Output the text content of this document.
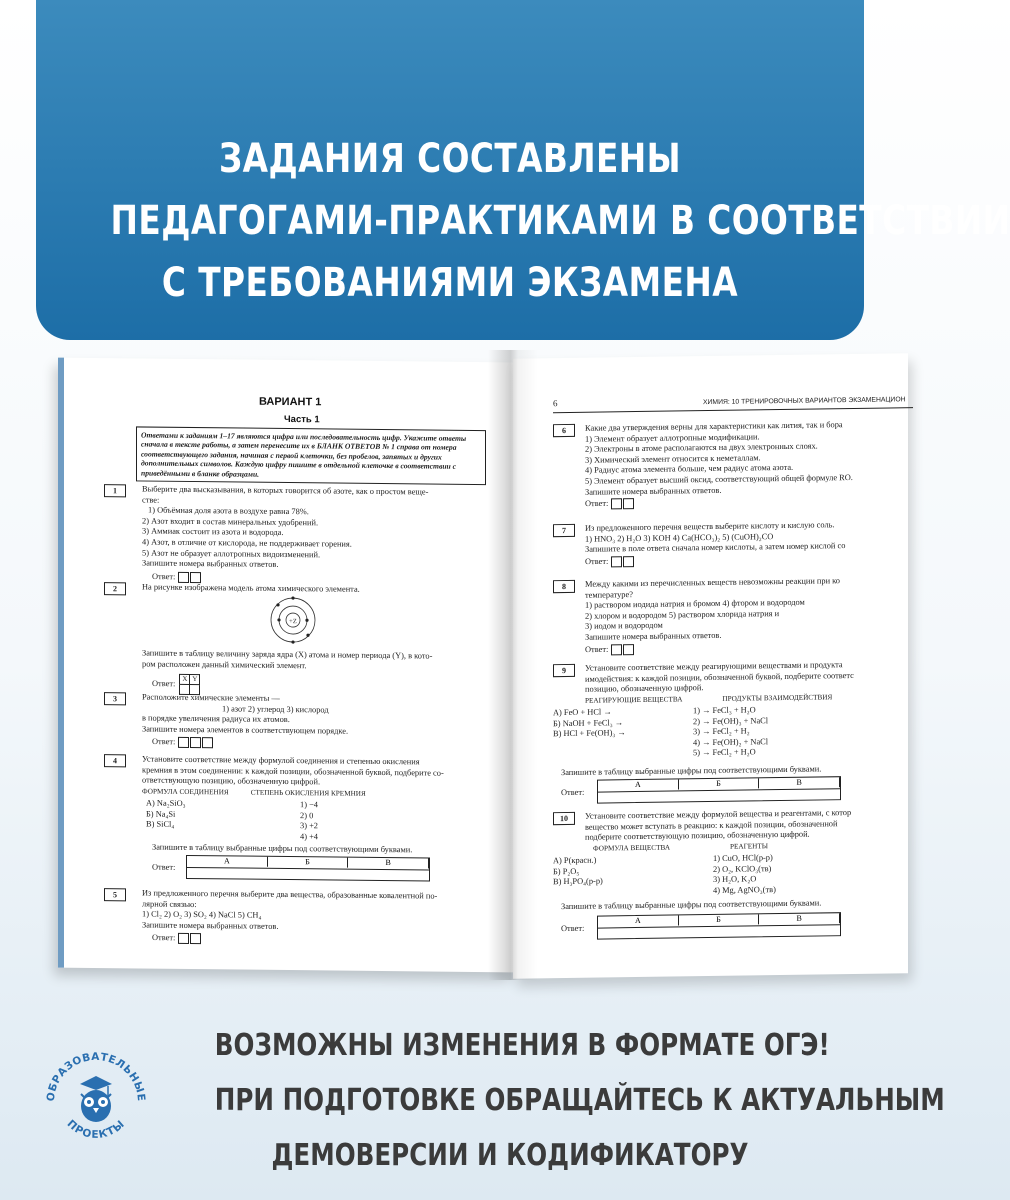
ЗАДАНИЯ СОСТАВЛЕНЫ
ПЕДАГОГАМИ-ПРАКТИКАМИ В СООТВЕТСТВИИ
С ТРЕБОВАНИЯМИ ЭКЗАМЕНА
ВАРИАНТ 1
Часть 1
Ответами к заданиям 1–17 являются цифра или последовательность цифр. Укажите ответы сначала в тексте работы, а затем перенесите их в БЛАНК ОТВЕТОВ № 1 справа от номера соответствующего задания, начиная с первой клеточки, без пробелов, запятых и других дополнительных символов. Каждую цифру пишите в отдельной клеточке в соответствии с приведёнными в бланке образцами.
1	Выберите два высказывания, в которых говорится об азоте, как о простом веще-
стве:
1) Объёмная доля азота в воздухе равна 78%.
2) Азот входит в состав минеральных удобрений.
3) Аммиак состоит из азота и водорода.
4) Азот, в отличие от кислорода, не поддерживает горения.
5) Азот не образует аллотропных видоизменений.
Запишите номера выбранных ответов.
Ответ:
2	На рисунке изображена модель атома химического элемента.
+Z
Запишите в таблицу величину заряда ядра (X) атома и номер периода (Y), в кото-
ром расположен данный химический элемент.
Ответ:
X Y
3	Расположите химические элементы —
1) азот 2) углерод 3) кислород
в порядке увеличения радиуса их атомов.
Запишите номера элементов в соответствующем порядке.
Ответ:
4	Установите соответствие между формулой соединения и степенью окисления
кремния в этом соединении: к каждой позиции, обозначенной буквой, подберите со-
ответствующую позицию, обозначенную цифрой.
ФОРМУЛА СОЕДИНЕНИЯ	СТЕПЕНЬ ОКИСЛЕНИЯ КРЕМНИЯ
А) Na₂SiO₃
Б) Na₄Si
В) SiCl₄
1) −4
2) 0
3) +2
4) +4
Запишите в таблицу выбранные цифры под соответствующими буквами.
Ответ:
А	Б	В
5	Из предложенного перечня выберите два вещества, образованные ковалентной по-
лярной связью:
1) Cl₂ 2) O₂ 3) SO₂ 4) NaCl 5) CH₄
Запишите номера выбранных ответов.
Ответ:
6	ХИМИЯ: 10 ТРЕНИРОВОЧНЫХ ВАРИАНТОВ ЭКЗАМЕНАЦИОН
6	Какие два утверждения верны для характеристики как лития, так и бора
1) Элемент образует аллотропные модификации.
2) Электроны в атоме располагаются на двух электронных слоях.
3) Химический элемент относится к неметаллам.
4) Радиус атома элемента больше, чем радиус атома азота.
5) Элемент образует высший оксид, соответствующий общей формуле RO.
Запишите номера выбранных ответов.
Ответ:
7	Из предложенного перечня веществ выберите кислоту и кислую соль.
1) HNO₃ 2) H₂O 3) KOH 4) Ca(HCO₃)₂ 5) (CuOH)₂CO
Запишите в поле ответа сначала номер кислоты, а затем номер кислой со
Ответ:
8	Между какими из перечисленных веществ невозможны реакции при ко
температуре?
1) раствором иодида натрия и бромом 4) фтором и водородом
2) хлором и водородом 5) раствором хлорида натрия и
3) иодом и водородом
Запишите номера выбранных ответов.
Ответ:
9	Установите соответствие между реагирующими веществами и продукта
имодействия: к каждой позиции, обозначенной буквой, подберите соответс
позицию, обозначенную цифрой.
РЕАГИРУЮЩИЕ ВЕЩЕСТВА	ПРОДУКТЫ ВЗАИМОДЕЙСТВИЯ
А) FeO + HCl →
Б) NaOH + FeCl₃ →
В) HCl + Fe(OH)₃ →
1) → FeCl₃ + H₂O
2) → Fe(OH)₃ + NaCl
3) → FeCl₂ + H₂
4) → Fe(OH)₂ + NaCl
5) → FeCl₂ + H₂O
Запишите в таблицу выбранные цифры под соответствующими буквами.
Ответ:
А	Б	В
10	Установите соответствие между формулой вещества и реагентами, с котор
вещество может вступать в реакцию: к каждой позиции, обозначенной
подберите соответствующую позицию, обозначенную цифрой.
ФОРМУЛА ВЕЩЕСТВА	РЕАГЕНТЫ
А) P(красн.)
Б) P₂O₅
В) H₃PO₄(р-р)
1) CuO, HCl(р-р)
2) O₂, KClO₃(тв)
3) H₂O, K₂O
4) Mg, AgNO₃(тв)
Запишите в таблицу выбранные цифры под соответствующими буквами.
Ответ:
А	Б	В
ОБРАЗОВАТЕЛЬНЫЕ
ПРОЕКТЫ
ВОЗМОЖНЫ ИЗМЕНЕНИЯ В ФОРМАТЕ ОГЭ!
ПРИ ПОДГОТОВКЕ ОБРАЩАЙТЕСЬ К АКТУАЛЬНЫМ
ДЕМОВЕРСИИ И КОДИФИКАТОРУ
